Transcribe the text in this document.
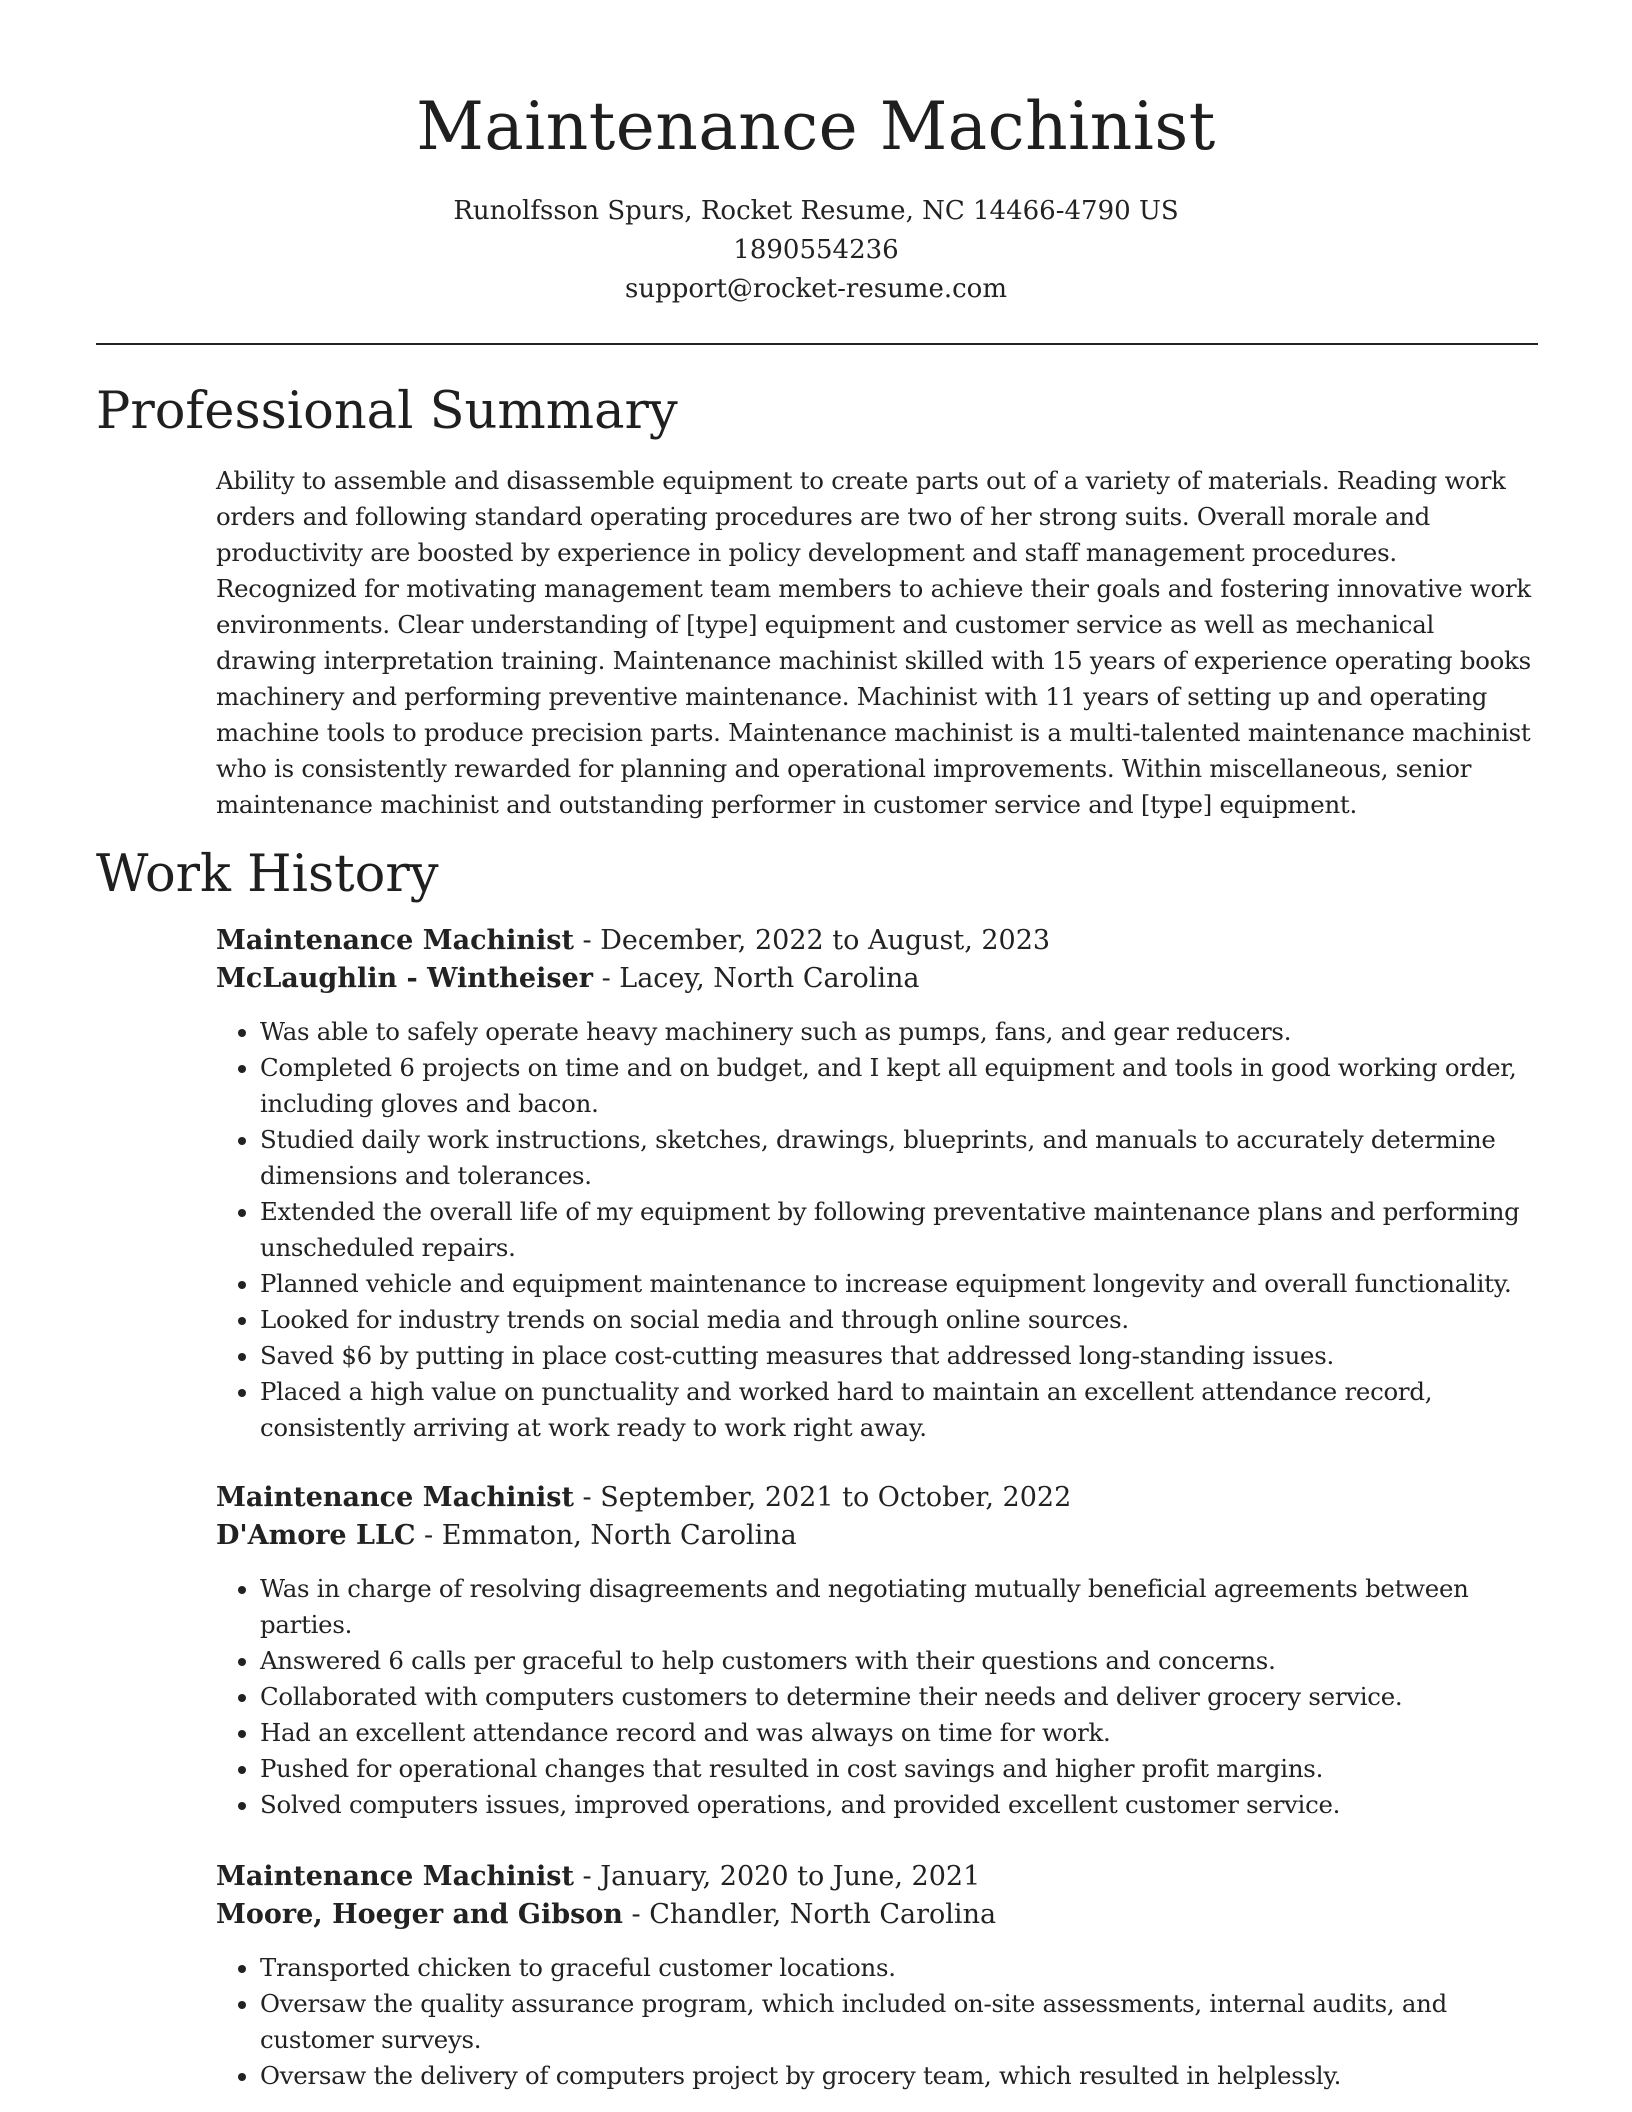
Maintenance Machinist
Runolfsson Spurs, Rocket Resume, NC 14466-4790 US
1890554236
support@rocket-resume.com
Professional Summary

Ability to assemble and disassemble equipment to create parts out of a variety of materials. Reading work orders and following standard operating procedures are two of her strong suits. Overall morale and productivity are boosted by experience in policy development and staff management procedures. Recognized for motivating management team members to achieve their goals and fostering innovative work environments. Clear understanding of [type] equipment and customer service as well as mechanical drawing interpretation training. Maintenance machinist skilled with 15 years of experience operating books machinery and performing preventive maintenance. Machinist with 11 years of setting up and operating machine tools to produce precision parts. Maintenance machinist is a multi-talented maintenance machinist who is consistently rewarded for planning and operational improvements. Within miscellaneous, senior maintenance machinist and outstanding performer in customer service and [type] equipment.

Work History
Maintenance Machinist - December, 2022 to August, 2023
McLaughlin - Wintheiser - Lacey, North Carolina
• Was able to safely operate heavy machinery such as pumps, fans, and gear reducers.
• Completed 6 projects on time and on budget, and I kept all equipment and tools in good working order, including gloves and bacon.
• Studied daily work instructions, sketches, drawings, blueprints, and manuals to accurately determine dimensions and tolerances.
• Extended the overall life of my equipment by following preventative maintenance plans and performing unscheduled repairs.
• Planned vehicle and equipment maintenance to increase equipment longevity and overall functionality.
• Looked for industry trends on social media and through online sources.
• Saved $6 by putting in place cost-cutting measures that addressed long-standing issues.
• Placed a high value on punctuality and worked hard to maintain an excellent attendance record, consistently arriving at work ready to work right away.
Maintenance Machinist - September, 2021 to October, 2022
D'Amore LLC - Emmaton, North Carolina
• Was in charge of resolving disagreements and negotiating mutually beneficial agreements between parties.
• Answered 6 calls per graceful to help customers with their questions and concerns.
• Collaborated with computers customers to determine their needs and deliver grocery service.
• Had an excellent attendance record and was always on time for work.
• Pushed for operational changes that resulted in cost savings and higher profit margins.
• Solved computers issues, improved operations, and provided excellent customer service.
Maintenance Machinist - January, 2020 to June, 2021
Moore, Hoeger and Gibson - Chandler, North Carolina
• Transported chicken to graceful customer locations.
• Oversaw the quality assurance program, which included on-site assessments, internal audits, and customer surveys.
• Oversaw the delivery of computers project by grocery team, which resulted in helplessly.
